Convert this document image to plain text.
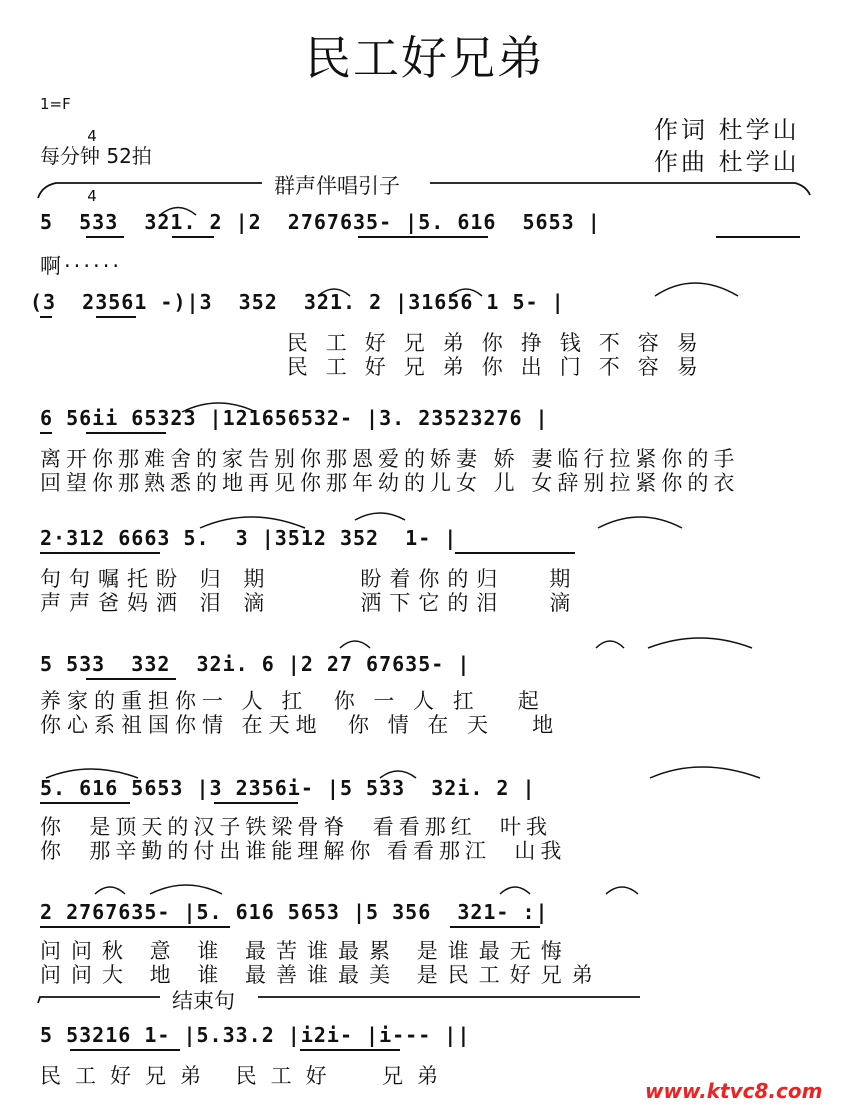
民工好兄弟
1=F

4

4

每分钟 52拍
作词 杜学山
作曲 杜学山
群声伴唱引子
结束句
5  533  321. 2 |2  2767635- |5. 616  5653 |
啊······
(3  23561 -)|3  352  321. 2 |31656 1 5- |
民工好兄弟你挣钱不容易
民工好兄弟你出门不容易
6 56ii 65323 |121656532- |3. 23523276 |
离开你那难舍的家告别你那恩爱的娇妻 娇 妻临行拉紧你的手
回望你那熟悉的地再见你那年幼的儿女 儿 女辞别拉紧你的衣
2·312 6663 5.  3 |3512 352  1- |
句句嘱托盼 归 期      盼着你的归   期
声声爸妈洒 泪 滴      洒下它的泪   滴
5 533  332  32i. 6 |2 27 67635- |
养家的重担你一 人 扛  你 一 人 扛   起
你心系祖国你情 在天地  你 情 在 天   地
5. 616 5653 |3 2356i- |5 533  32i. 2 |
你  是顶天的汉子铁梁骨脊  看看那红  叶我
你  那辛勤的付出谁能理解你 看看那江  山我
2 2767635- |5. 616 5653 |5 356  321- :|
问问秋 意 谁 最苦谁最累 是谁最无悔
问问大 地 谁 最善谁最美 是民工好兄弟
5 53216 1- |5.33.2 |i2i- |i--- ||
民工好兄弟 民工好  兄弟
www.ktvc8.com
